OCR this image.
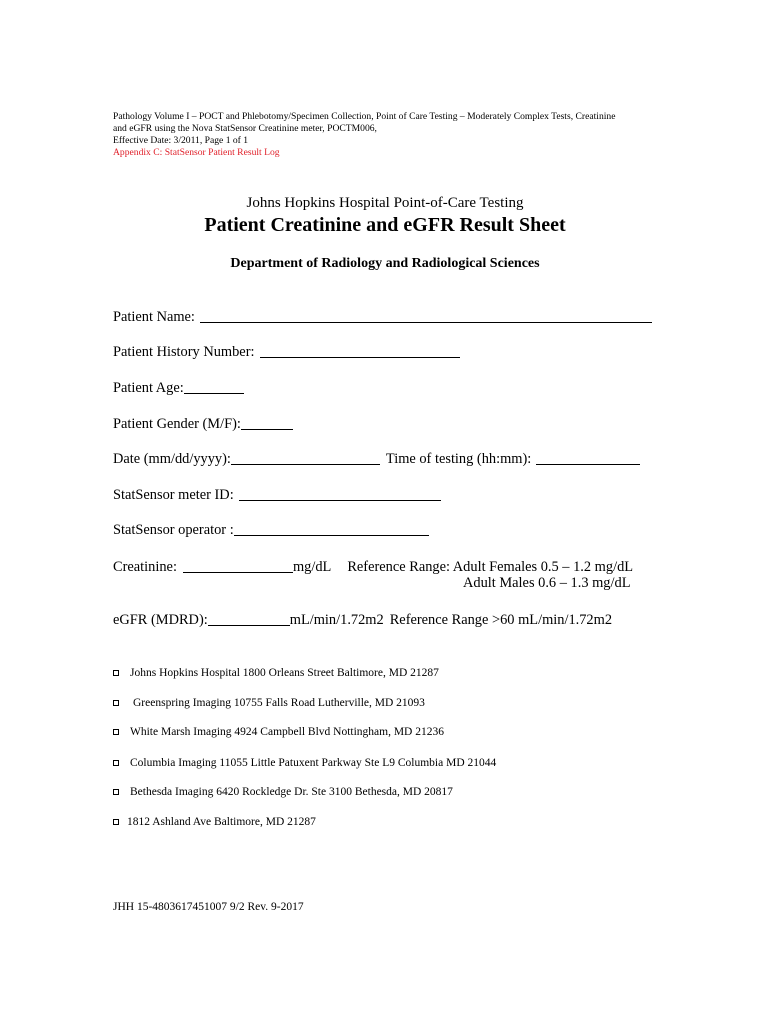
Pathology Volume I – POCT and Phlebotomy/Specimen Collection, Point of Care Testing – Moderately Complex Tests, Creatinine
and eGFR using the Nova StatSensor Creatinine meter, POCTM006,
Effective Date: 3/2011, Page 1 of 1
Appendix C: StatSensor Patient Result Log
Johns Hopkins Hospital Point-of-Care Testing
Patient Creatinine and eGFR Result Sheet
Department of Radiology and Radiological Sciences
Patient Name:
Patient History Number:
Patient Age:
Patient Gender (M/F):
Date (mm/dd/yyyy):	Time of testing (hh:mm):
StatSensor meter ID:
StatSensor operator :
Creatinine:	mg/dL Reference Range: Adult Females 0.5 – 1.2 mg/dL
Adult Males 0.6 – 1.3 mg/dL
eGFR (MDRD):	mL/min/1.72m2 Reference Range >60 mL/min/1.72m2
Johns Hopkins Hospital 1800 Orleans Street Baltimore, MD 21287
Greenspring Imaging 10755 Falls Road Lutherville, MD 21093
White Marsh Imaging 4924 Campbell Blvd Nottingham, MD 21236
Columbia Imaging 11055 Little Patuxent Parkway Ste L9 Columbia MD 21044
Bethesda Imaging 6420 Rockledge Dr. Ste 3100 Bethesda, MD 20817
1812 Ashland Ave Baltimore, MD 21287
JHH 15-4803617451007 9/2 Rev. 9-2017
